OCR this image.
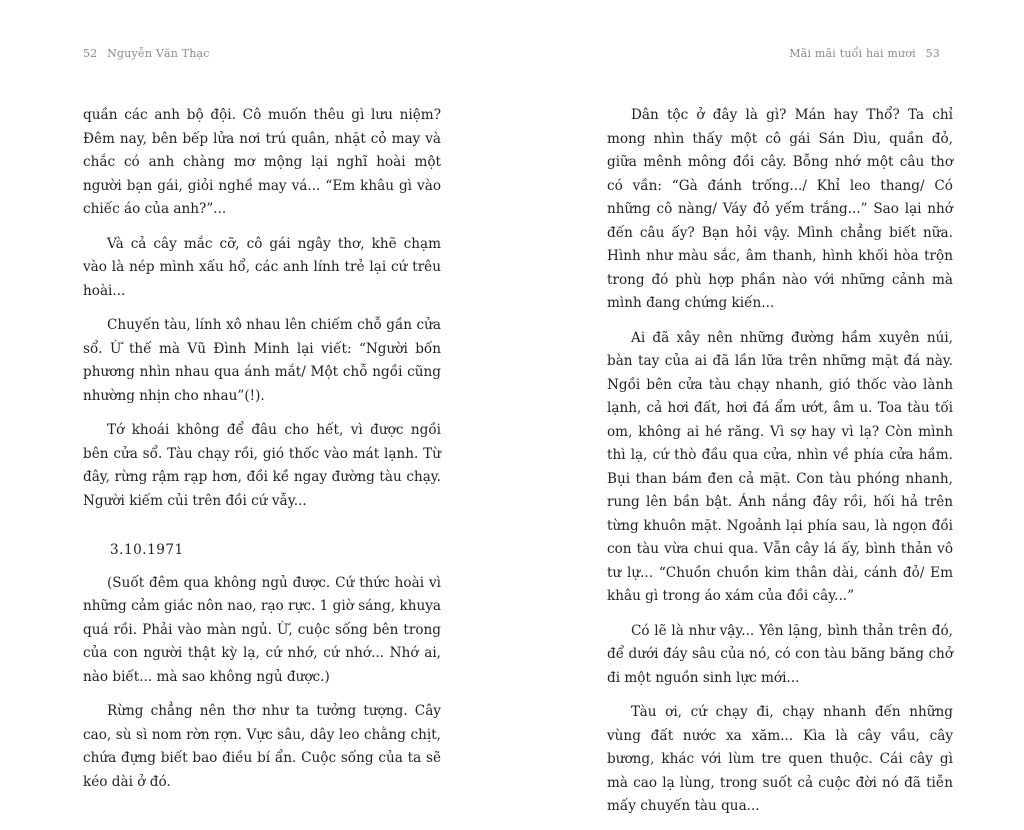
52 Nguyễn Văn Thạc

quần các anh bộ đội. Cô muốn thêu gì lưu niệm? Đêm nay, bên bếp lửa nơi trú quân, nhặt cỏ may và chắc có anh chàng mơ mộng lại nghĩ hoài một người bạn gái, giỏi nghề may vá... “Em khâu gì vào chiếc áo của anh?”...

Và cả cây mắc cỡ, cô gái ngây thơ, khẽ chạm vào là nép mình xấu hổ, các anh lính trẻ lại cứ trêu hoài...

Chuyến tàu, lính xô nhau lên chiếm chỗ gần cửa sổ. Ừ thế mà Vũ Đình Minh lại viết: “Người bốn phương nhìn nhau qua ánh mắt/ Một chỗ ngồi cũng nhường nhịn cho nhau”(!).

Tớ khoái không để đâu cho hết, vì được ngồi bên cửa sổ. Tàu chạy rồi, gió thốc vào mát lạnh. Từ đây, rừng rậm rạp hơn, đồi kề ngay đường tàu chạy. Người kiếm củi trên đồi cứ vẫy...

3.10.1971

(Suốt đêm qua không ngủ được. Cứ thức hoài vì những cảm giác nôn nao, rạo rực. 1 giờ sáng, khuya quá rồi. Phải vào màn ngủ. Ừ, cuộc sống bên trong của con người thật kỳ lạ, cứ nhớ, cứ nhớ... Nhớ ai, nào biết... mà sao không ngủ được.)

Rừng chẳng nên thơ như ta tưởng tượng. Cây cao, sù sì nom rờn rợn. Vực sâu, dây leo chằng chịt, chứa đựng biết bao điều bí ẩn. Cuộc sống của ta sẽ kéo dài ở đó.

Mãi mãi tuổi hai mươi 53

Dân tộc ở đây là gì? Mán hay Thổ? Ta chỉ mong nhìn thấy một cô gái Sán Dìu, quần đỏ, giữa mênh mông đồi cây. Bỗng nhớ một câu thơ có vần: “Gà đánh trống.../ Khỉ leo thang/ Có những cô nàng/ Váy đỏ yếm trắng...” Sao lại nhớ đến câu ấy? Bạn hỏi vậy. Mình chẳng biết nữa. Hình như màu sắc, âm thanh, hình khối hòa trộn trong đó phù hợp phần nào với những cảnh mà mình đang chứng kiến...

Ai đã xây nên những đường hầm xuyên núi, bàn tay của ai đã lần lữa trên những mặt đá này. Ngồi bên cửa tàu chạy nhanh, gió thốc vào lành lạnh, cả hơi đất, hơi đá ẩm ướt, âm u. Toa tàu tối om, không ai hé răng. Vì sợ hay vì lạ? Còn mình thì lạ, cứ thò đầu qua cửa, nhìn về phía cửa hầm. Bụi than bám đen cả mặt. Con tàu phóng nhanh, rung lên bần bật. Ánh nắng đây rồi, hối hả trên từng khuôn mặt. Ngoảnh lại phía sau, là ngọn đồi con tàu vừa chui qua. Vẫn cây lá ấy, bình thản vô tư lự... “Chuồn chuồn kim thân dài, cánh đỏ/ Em khâu gì trong áo xám của đồi cây...”

Có lẽ là như vậy... Yên lặng, bình thản trên đó, để dưới đáy sâu của nó, có con tàu băng băng chở đi một nguồn sinh lực mới...

Tàu ơi, cứ chạy đi, chạy nhanh đến những vùng đất nước xa xăm... Kìa là cây vầu, cây bương, khác với lùm tre quen thuộc. Cái cây gì mà cao lạ lùng, trong suốt cả cuộc đời nó đã tiễn mấy chuyến tàu qua...
